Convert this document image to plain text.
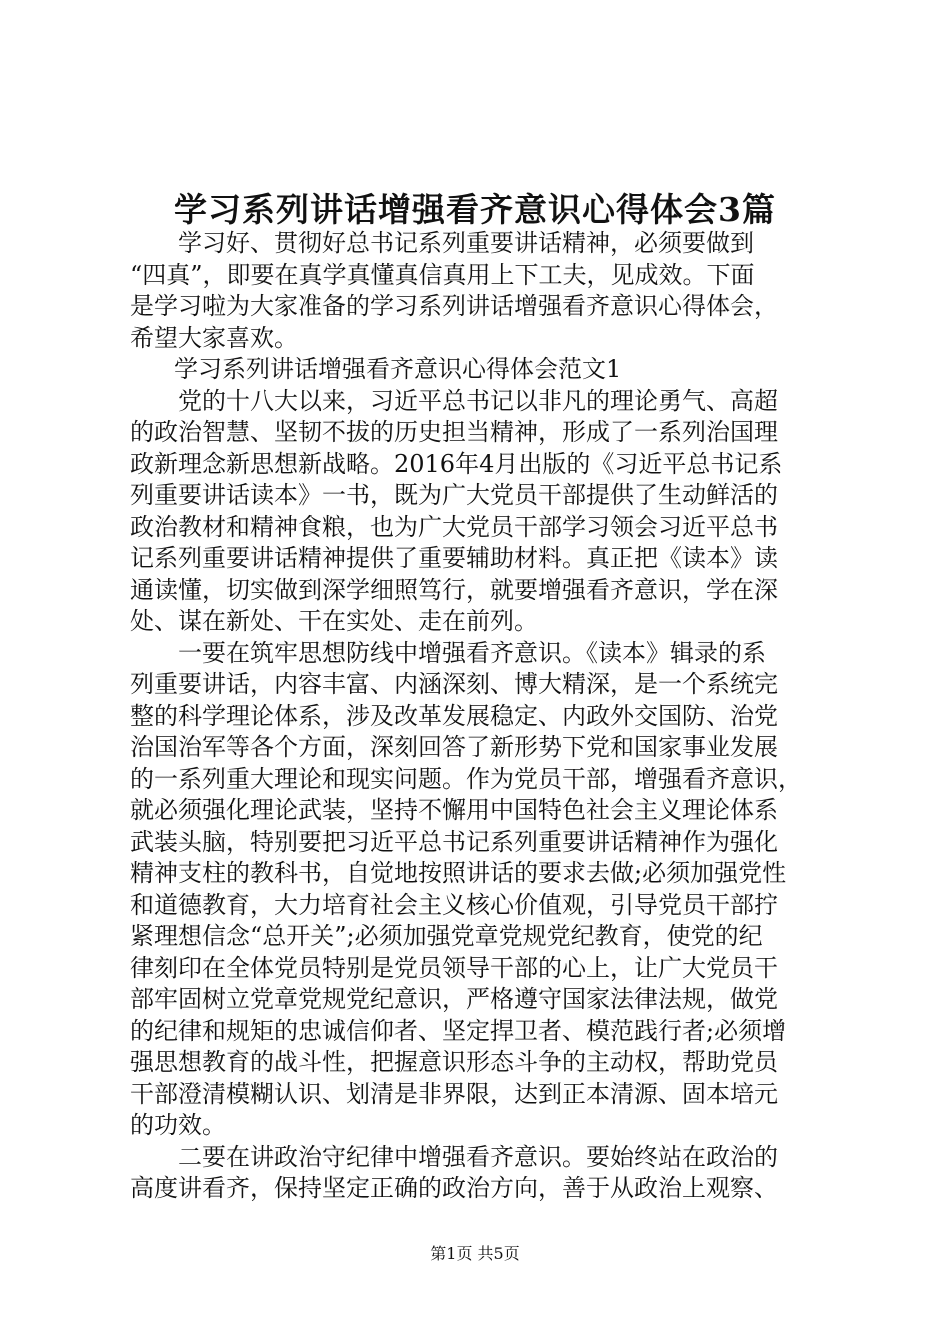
学习系列讲话增强看齐意识心得体会3篇
学习好、贯彻好总书记系列重要讲话精神，必须要做到
“四真”，即要在真学真懂真信真用上下工夫，见成效。下面
是学习啦为大家准备的学习系列讲话增强看齐意识心得体会，
希望大家喜欢。
学习系列讲话增强看齐意识心得体会范文1
党的十八大以来，习近平总书记以非凡的理论勇气、高超
的政治智慧、坚韧不拔的历史担当精神，形成了一系列治国理
政新理念新思想新战略。2016年4月出版的《习近平总书记系
列重要讲话读本》一书，既为广大党员干部提供了生动鲜活的
政治教材和精神食粮，也为广大党员干部学习领会习近平总书
记系列重要讲话精神提供了重要辅助材料。真正把《读本》读
通读懂，切实做到深学细照笃行，就要增强看齐意识，学在深
处、谋在新处、干在实处、走在前列。
一要在筑牢思想防线中增强看齐意识。《读本》辑录的系
列重要讲话，内容丰富、内涵深刻、博大精深，是一个系统完
整的科学理论体系，涉及改革发展稳定、内政外交国防、治党
治国治军等各个方面，深刻回答了新形势下党和国家事业发展
的一系列重大理论和现实问题。作为党员干部，增强看齐意识，
就必须强化理论武装，坚持不懈用中国特色社会主义理论体系
武装头脑，特别要把习近平总书记系列重要讲话精神作为强化
精神支柱的教科书，自觉地按照讲话的要求去做;必须加强党性
和道德教育，大力培育社会主义核心价值观，引导党员干部拧
紧理想信念“总开关”;必须加强党章党规党纪教育，使党的纪
律刻印在全体党员特别是党员领导干部的心上，让广大党员干
部牢固树立党章党规党纪意识，严格遵守国家法律法规，做党
的纪律和规矩的忠诚信仰者、坚定捍卫者、模范践行者;必须增
强思想教育的战斗性，把握意识形态斗争的主动权，帮助党员
干部澄清模糊认识、划清是非界限，达到正本清源、固本培元
的功效。
二要在讲政治守纪律中增强看齐意识。要始终站在政治的
高度讲看齐，保持坚定正确的政治方向，善于从政治上观察、
第1页 共5页
